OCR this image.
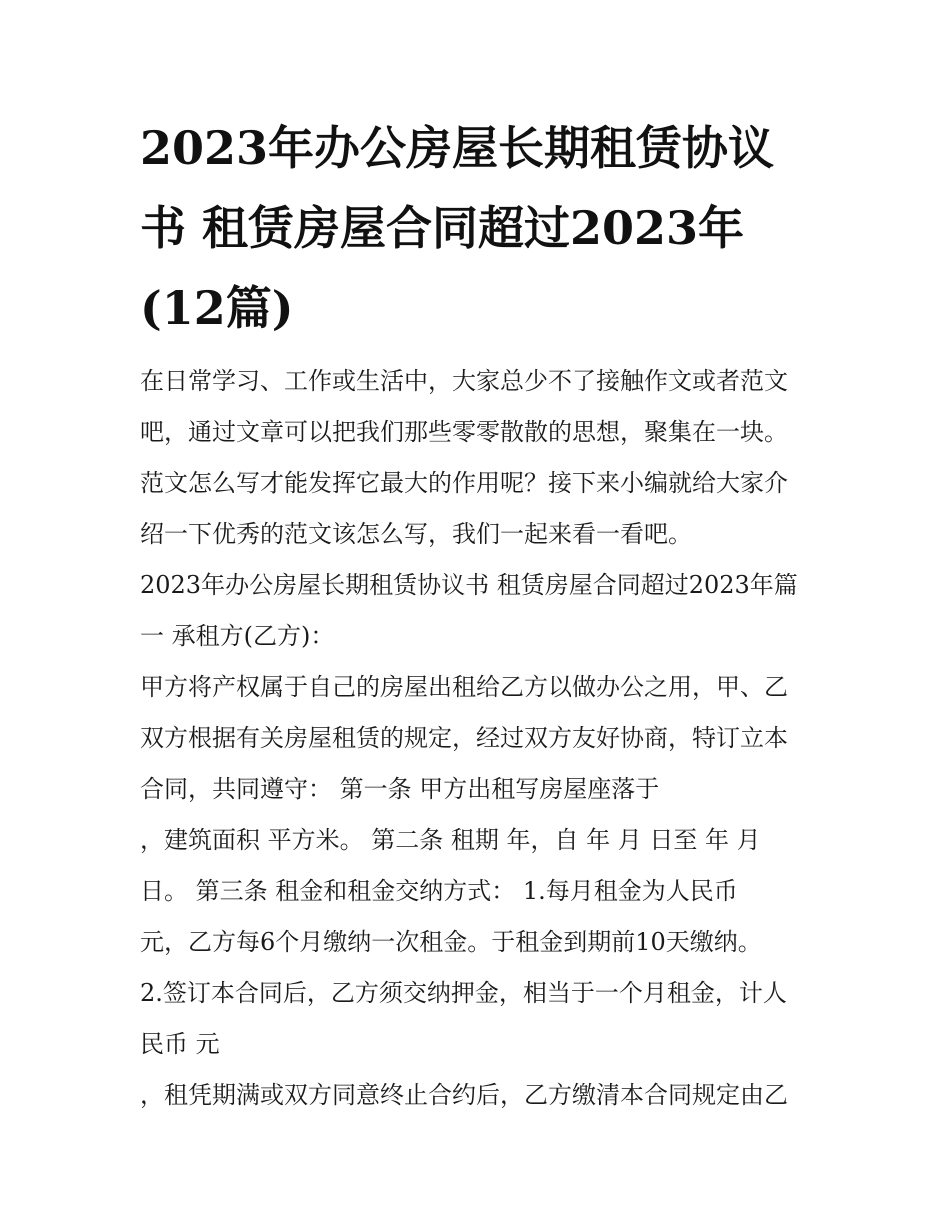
2023年办公房屋长期租赁协议
书 租赁房屋合同超过2023年
(12篇)
在日常学习、工作或生活中，大家总少不了接触作文或者范文
吧，通过文章可以把我们那些零零散散的思想，聚集在一块。
范文怎么写才能发挥它最大的作用呢？接下来小编就给大家介
绍一下优秀的范文该怎么写，我们一起来看一看吧。
2023年办公房屋长期租赁协议书 租赁房屋合同超过2023年篇
一 承租方(乙方)：
甲方将产权属于自己的房屋出租给乙方以做办公之用，甲、乙
双方根据有关房屋租赁的规定，经过双方友好协商，特订立本
合同，共同遵守： 第一条 甲方出租写房屋座落于
，建筑面积 平方米。 第二条 租期 年，自 年 月 日至 年 月
日。 第三条 租金和租金交纳方式： 1.每月租金为人民币
元，乙方每6个月缴纳一次租金。于租金到期前10天缴纳。
2.签订本合同后，乙方须交纳押金，相当于一个月租金，计人
民币 元
，租凭期满或双方同意终止合约后，乙方缴清本合同规定由乙
